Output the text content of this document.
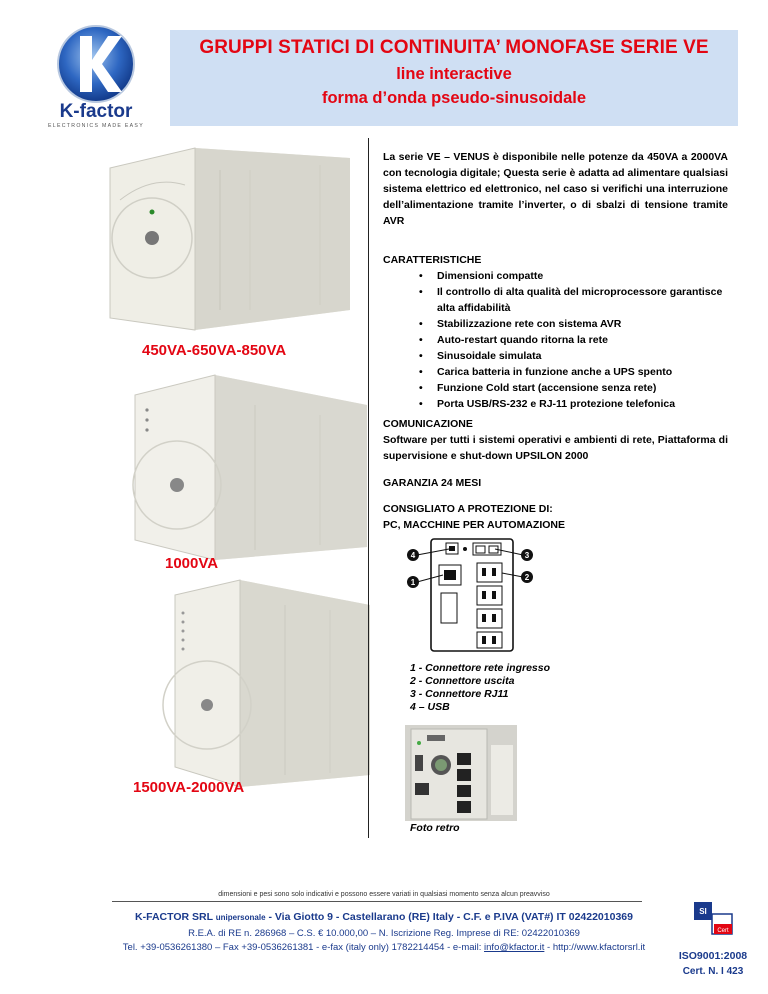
K-factor
ELECTRONICS MADE EASY
GRUPPI STATICI DI CONTINUITA’ MONOFASE SERIE VE
line interactive
forma d’onda pseudo-sinusoidale
450VA-650VA-850VA
1000VA
1500VA-2000VA
La serie VE – VENUS è disponibile nelle potenze da 450VA a 2000VA con tecnologia digitale; Questa serie è adatta ad alimentare qualsiasi sistema elettrico ed elettronico, nel caso si verifichi una interruzione dell’alimentazione tramite l’inverter, o di sbalzi di tensione tramite AVR
CARATTERISTICHE
• Dimensioni compatte
• Il controllo di alta qualità del microprocessore garantisce alta affidabilità
• Stabilizzazione rete con sistema AVR
• Auto-restart quando ritorna la rete
• Sinusoidale simulata
• Carica batteria in funzione anche a UPS spento
• Funzione Cold start (accensione senza rete)
• Porta USB/RS-232 e RJ-11 protezione telefonica
COMUNICAZIONE
Software per tutti i sistemi operativi e ambienti di rete, Piattaforma di supervisione e shut-down UPSILON 2000
GARANZIA 24 MESI
CONSIGLIATO A PROTEZIONE DI:
PC, MACCHINE PER AUTOMAZIONE
4	3
1
2
1 - Connettore rete ingresso
2 - Connettore uscita
3 - Connettore RJ11
4 – USB
Foto retro
dimensioni e pesi sono solo indicativi e possono essere variati in qualsiasi momento senza alcun preavviso
K-FACTOR SRL unipersonale - Via Giotto 9 - Castellarano (RE) Italy - C.F. e P.IVA (VAT#) IT 02422010369
R.E.A. di RE n. 286968 – C.S. € 10.000,00 – N. Iscrizione Reg. Imprese di RE: 02422010369
Tel. +39-0536261380 – Fax +39-0536261381 - e-fax (italy only) 1782214454 - e-mail: info@kfactor.it - http://www.kfactorsrl.it
SI
Cert
ISO9001:2008
Cert. N. I 423
